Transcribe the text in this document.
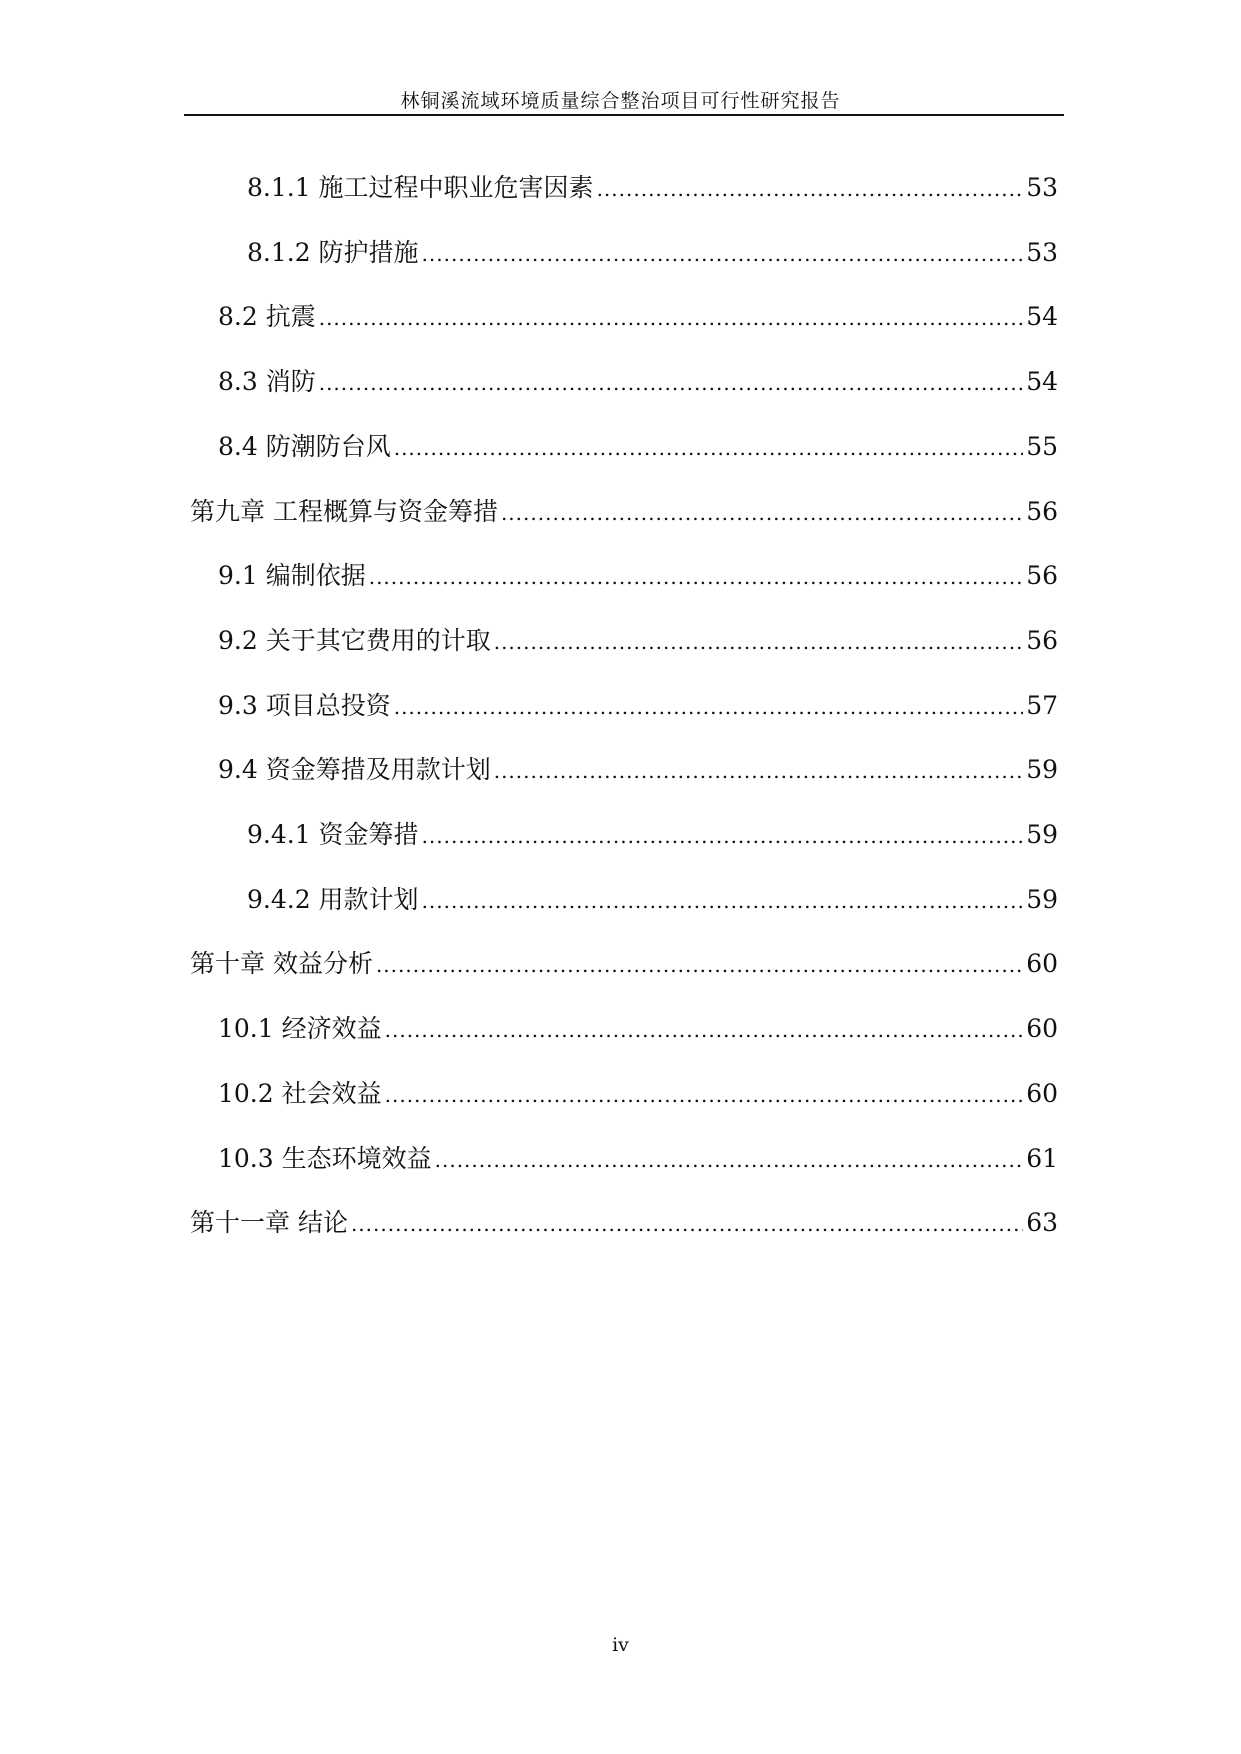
林铜溪流域环境质量综合整治项目可行性研究报告
8.1.1 施工过程中职业危害因素 .....	53
8.1.2 防护措施 .....	53
8.2 抗震 .....	54
8.3 消防 .....	54
8.4 防潮防台风 .....	55
第九章 工程概算与资金筹措 .....	56
9.1 编制依据 .....	56
9.2 关于其它费用的计取 .....	56
9.3 项目总投资 .....	57
9.4 资金筹措及用款计划 .....	59
9.4.1 资金筹措 .....	59
9.4.2 用款计划 .....	59
第十章 效益分析 .....	60
10.1 经济效益 .....	60
10.2 社会效益 .....	60
10.3 生态环境效益 .....	61
第十一章 结论 .....	63
iv
